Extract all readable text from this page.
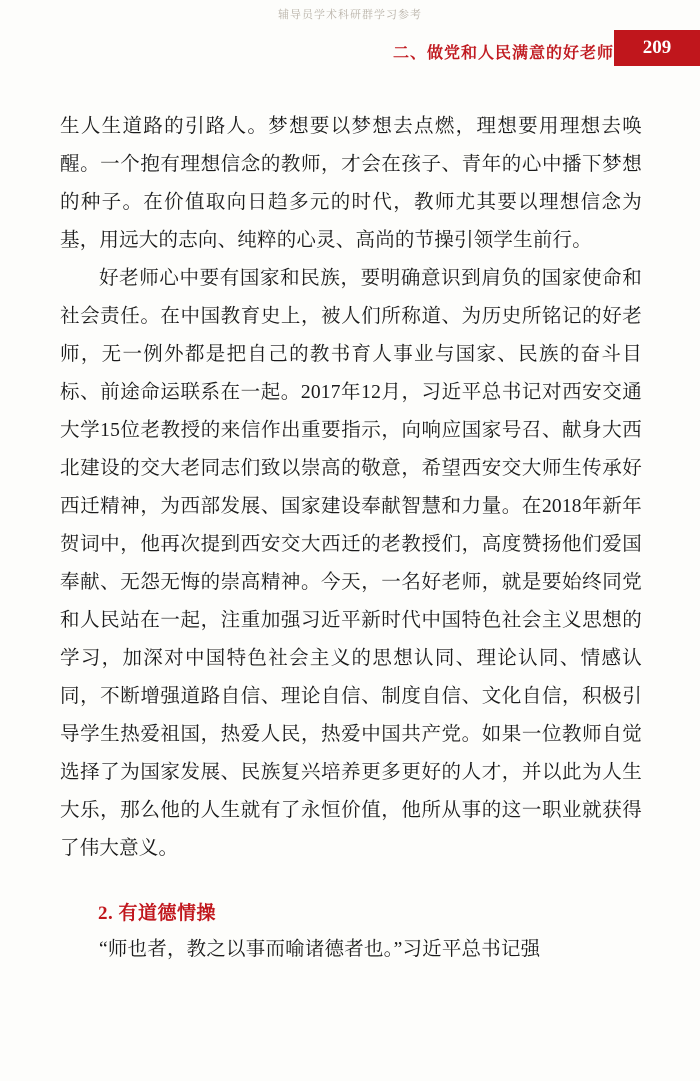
辅导员学术科研群学习参考
二、做党和人民满意的好老师	209

生人生道路的引路人。梦想要以梦想去点燃，理想要用理想去唤醒。一个抱有理想信念的教师，才会在孩子、青年的心中播下梦想的种子。在价值取向日趋多元的时代，教师尤其要以理想信念为基，用远大的志向、纯粹的心灵、高尚的节操引领学生前行。

好老师心中要有国家和民族，要明确意识到肩负的国家使命和社会责任。在中国教育史上，被人们所称道、为历史所铭记的好老师，无一例外都是把自己的教书育人事业与国家、民族的奋斗目标、前途命运联系在一起。2017年12月，习近平总书记对西安交通大学15位老教授的来信作出重要指示，向响应国家号召、献身大西北建设的交大老同志们致以崇高的敬意，希望西安交大师生传承好西迁精神，为西部发展、国家建设奉献智慧和力量。在2018年新年贺词中，他再次提到西安交大西迁的老教授们，高度赞扬他们爱国奉献、无怨无悔的崇高精神。今天，一名好老师，就是要始终同党和人民站在一起，注重加强习近平新时代中国特色社会主义思想的学习，加深对中国特色社会主义的思想认同、理论认同、情感认同，不断增强道路自信、理论自信、制度自信、文化自信，积极引导学生热爱祖国，热爱人民，热爱中国共产党。如果一位教师自觉选择了为国家发展、民族复兴培养更多更好的人才，并以此为人生大乐，那么他的人生就有了永恒价值，他所从事的这一职业就获得了伟大意义。

2. 有道德情操

“师也者，教之以事而喻诸德者也。”习近平总书记强
